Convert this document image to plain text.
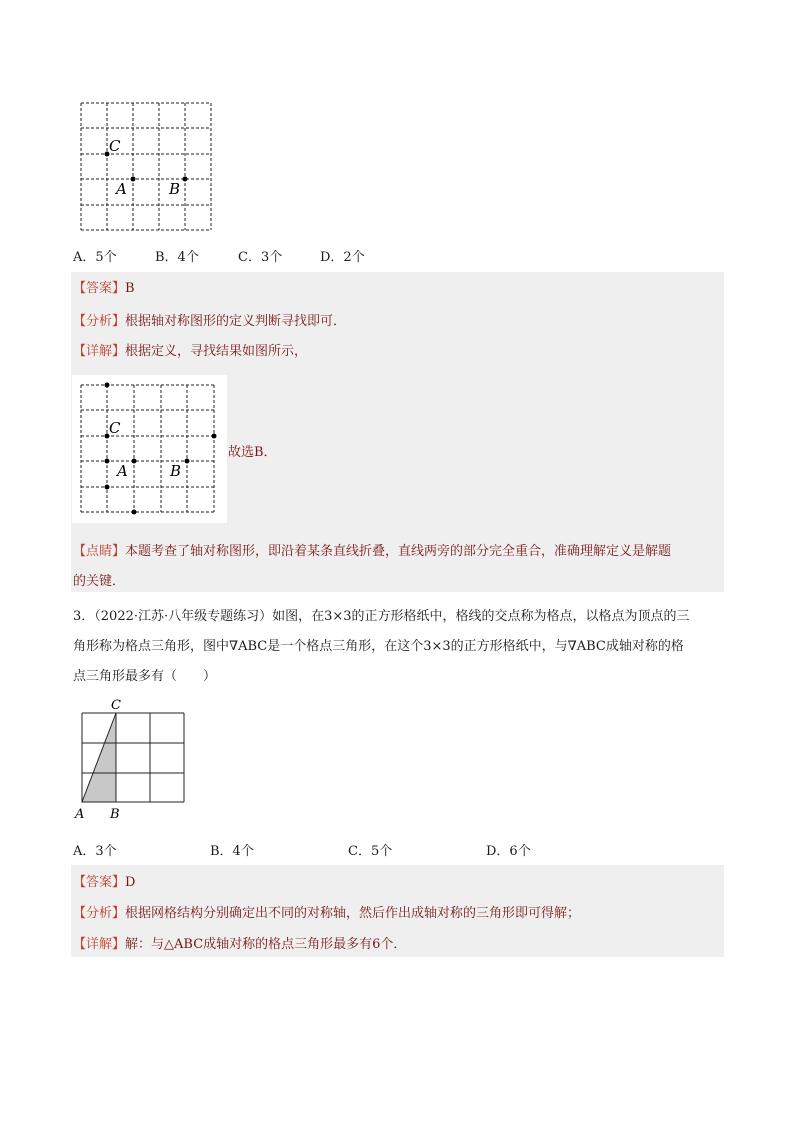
C
A	B
A．5个	B．4个	C．3个	D．2个
【答案】B
【分析】根据轴对称图形的定义判断寻找即可．
【详解】根据定义，寻找结果如图所示，
C
A	B
故选B．
【点睛】本题考查了轴对称图形，即沿着某条直线折叠，直线两旁的部分完全重合，准确理解定义是解题
的关键．
3．（2022·江苏·八年级专题练习）如图，在3×3的正方形格纸中，格线的交点称为格点，以格点为顶点的三
角形称为格点三角形，图中∇ABC是一个格点三角形，在这个3×3的正方形格纸中，与∇ABC成轴对称的格
点三角形最多有（　　）
C
A B
A．3个	B．4个	C．5个	D．6个
【答案】D
【分析】根据网格结构分别确定出不同的对称轴，然后作出成轴对称的三角形即可得解；
【详解】解：与△ABC成轴对称的格点三角形最多有6个．
